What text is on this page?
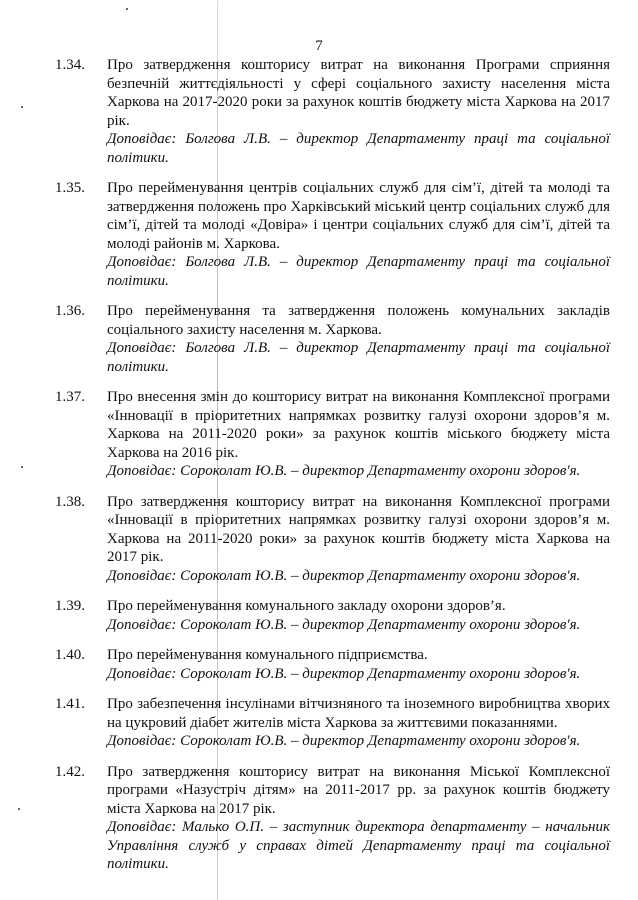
7
1.34.	Про затвердження кошторису витрат на виконання Програми сприяння безпечній життєдіяльності у сфері соціального захисту населення міста Харкова на 2017-2020 роки за рахунок коштів бюджету міста Харкова на 2017 рік.
Доповідає: Болгова Л.В. – директор Департаменту праці та соціальної політики.
1.35.	Про перейменування центрів соціальних служб для сім’ї, дітей та молоді та затвердження положень про Харківський міський центр соціальних служб для сім’ї, дітей та молоді «Довіра» і центри соціальних служб для сім’ї, дітей та молоді районів м. Харкова.
Доповідає: Болгова Л.В. – директор Департаменту праці та соціальної політики.
1.36.	Про перейменування та затвердження положень комунальних закладів соціального захисту населення м. Харкова.
Доповідає: Болгова Л.В. – директор Департаменту праці та соціальної політики.
1.37.	Про внесення змін до кошторису витрат на виконання Комплексної програми «Інновації в пріоритетних напрямках розвитку галузі охорони здоров’я м. Харкова на 2011-2020 роки» за рахунок коштів міського бюджету міста Харкова на 2016 рік.
Доповідає: Сороколат Ю.В. – директор Департаменту охорони здоров'я.
1.38.	Про затвердження кошторису витрат на виконання Комплексної програми «Інновації в пріоритетних напрямках розвитку галузі охорони здоров’я м. Харкова на 2011-2020 роки» за рахунок коштів бюджету міста Харкова на 2017 рік.
Доповідає: Сороколат Ю.В. – директор Департаменту охорони здоров'я.
1.39.	Про перейменування комунального закладу охорони здоров’я.
Доповідає: Сороколат Ю.В. – директор Департаменту охорони здоров'я.
1.40.	Про перейменування комунального підприємства.
Доповідає: Сороколат Ю.В. – директор Департаменту охорони здоров'я.
1.41.	Про забезпечення інсулінами вітчизняного та іноземного виробництва хворих на цукровий діабет жителів міста Харкова за життєвими показаннями.
Доповідає: Сороколат Ю.В. – директор Департаменту охорони здоров'я.
1.42.	Про затвердження кошторису витрат на виконання Міської Комплексної програми «Назустріч дітям» на 2011-2017 рр. за рахунок коштів бюджету міста Харкова на 2017 рік.
Доповідає: Малько О.П. – заступник директора департаменту – начальник Управління служб у справах дітей Департаменту праці та соціальної політики.
